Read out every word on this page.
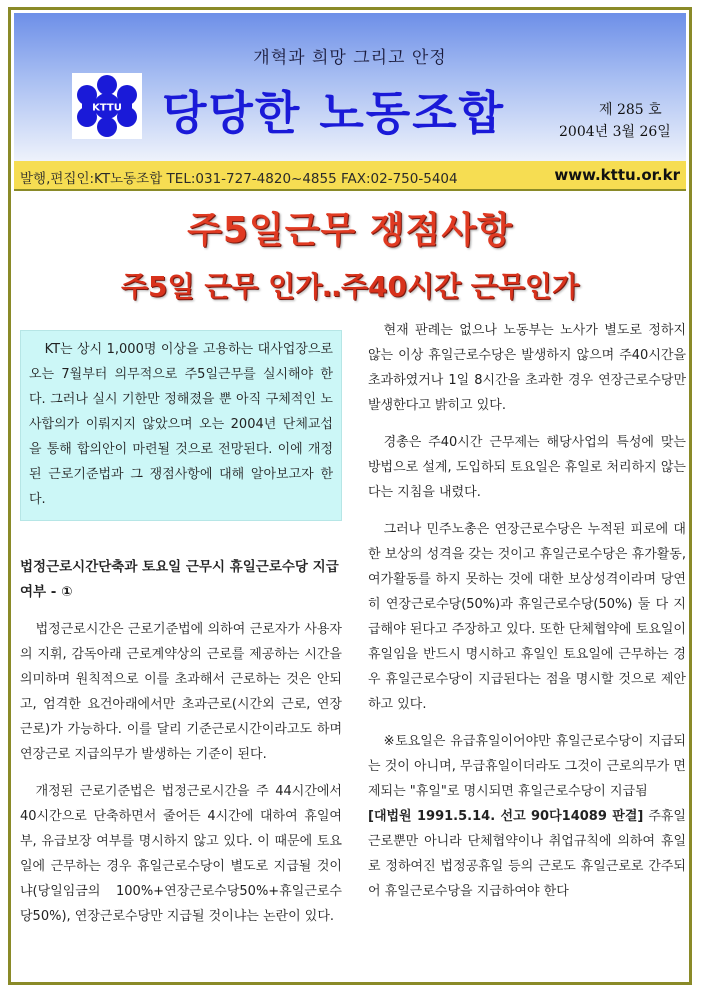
개혁과 희망 그리고 안정
KTTU 당당한 노동조합	제 285 호
2004년 3월 26일
발행,편집인:KT노동조합 TEL:031-727-4820~4855 FAX:02-750-5404	www.kttu.or.kr
주5일근무 쟁점사항
주5일 근무 인가‥주40시간 근무인가

KT는 상시 1,000명 이상을 고용하는 대사업장으로 오는 7월부터 의무적으로 주5일근무를 실시해야 한다. 그러나 실시 기한만 정해졌을 뿐 아직 구체적인 노사합의가 이뤄지지 않았으며 오는 2004년 단체교섭을 통해 합의안이 마련될 것으로 전망된다. 이에 개정된 근로기준법과 그 쟁점사항에 대해 알아보고자 한다.

법정근로시간단축과 토요일 근무시 휴일근로수당 지급여부 - ①

법정근로시간은 근로기준법에 의하여 근로자가 사용자의 지휘, 감독아래 근로계약상의 근로를 제공하는 시간을 의미하며 원칙적으로 이를 초과해서 근로하는 것은 안되고, 엄격한 요건아래에서만 초과근로(시간외 근로, 연장근로)가 가능하다. 이를 달리 기준근로시간이라고도 하며 연장근로 지급의무가 발생하는 기준이 된다.

개정된 근로기준법은 법정근로시간을 주 44시간에서 40시간으로 단축하면서 줄어든 4시간에 대하여 휴일여부, 유급보장 여부를 명시하지 않고 있다. 이 때문에 토요일에 근무하는 경우 휴일근로수당이 별도로 지급될 것이냐(당일임금의 100%+연장근로수당50%+휴일근로수당50%), 연장근로수당만 지급될 것이냐는 논란이 있다.

현재 판례는 없으나 노동부는 노사가 별도로 정하지 않는 이상 휴일근로수당은 발생하지 않으며 주40시간을 초과하였거나 1일 8시간을 초과한 경우 연장근로수당만 발생한다고 밝히고 있다.

경총은 주40시간 근무제는 해당사업의 특성에 맞는 방법으로 설계, 도입하되 토요일은 휴일로 처리하지 않는다는 지침을 내렸다.

그러나 민주노총은 연장근로수당은 누적된 피로에 대한 보상의 성격을 갖는 것이고 휴일근로수당은 휴가활동, 여가활동를 하지 못하는 것에 대한 보상성격이라며 당연히 연장근로수당(50%)과 휴일근로수당(50%) 둘 다 지급해야 된다고 주장하고 있다. 또한 단체협약에 토요일이 휴일임을 반드시 명시하고 휴일인 토요일에 근무하는 경우 휴일근로수당이 지급된다는 점을 명시할 것으로 제안하고 있다.

※토요일은 유급휴일이어야만 휴일근로수당이 지급되는 것이 아니며, 무급휴일이더라도 그것이 근로의무가 면제되는 "휴일"로 명시되면 휴일근로수당이 지급됨

[대법원 1991.5.14. 선고 90다14089 판결] 주휴일 근로뿐만 아니라 단체협약이나 취업규칙에 의하여 휴일로 정하여진 법정공휴일 등의 근로도 휴일근로로 간주되어 휴일근로수당을 지급하여야 한다
